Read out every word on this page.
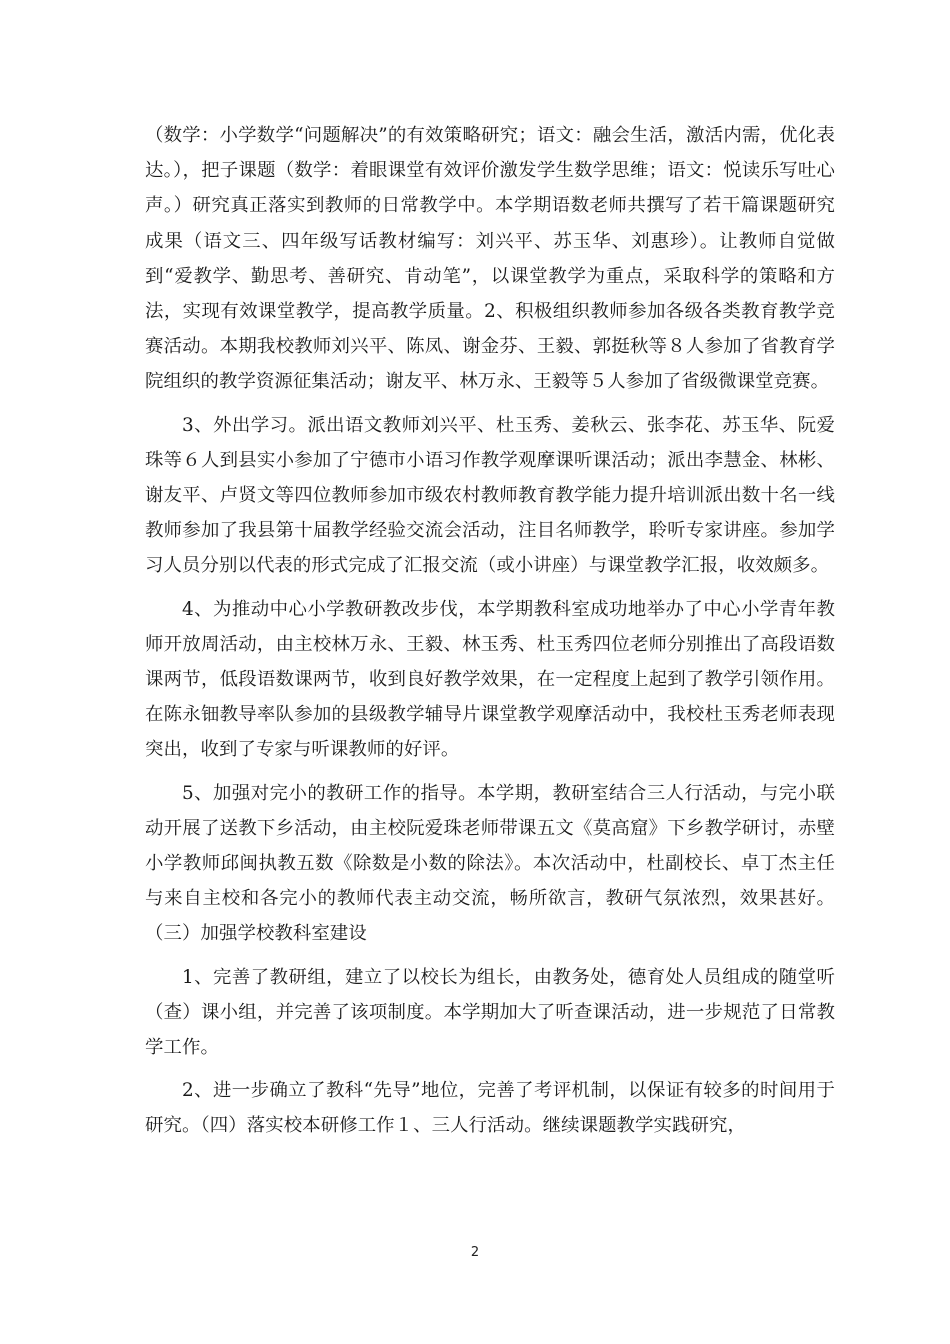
（数学：小学数学“问题解决”的有效策略研究；语文：融会生活，激活内需，优化表达。），把子课题（数学：着眼课堂有效评价激发学生数学思维；语文：悦读乐写吐心声。）研究真正落实到教师的日常教学中。本学期语数老师共撰写了若干篇课题研究成果（语文三、四年级写话教材编写：刘兴平、苏玉华、刘惠珍）。让教师自觉做到“爱教学、勤思考、善研究、肯动笔”，以课堂教学为重点，采取科学的策略和方法，实现有效课堂教学，提高教学质量。2、积极组织教师参加各级各类教育教学竞赛活动。本期我校教师刘兴平、陈凤、谢金芬、王毅、郭挺秋等８人参加了省教育学院组织的教学资源征集活动；谢友平、林万永、王毅等５人参加了省级微课堂竞赛。

3、外出学习。派出语文教师刘兴平、杜玉秀、姜秋云、张李花、苏玉华、阮爱珠等６人到县实小参加了宁德市小语习作教学观摩课听课活动；派出李慧金、林彬、谢友平、卢贤文等四位教师参加市级农村教师教育教学能力提升培训派出数十名一线教师参加了我县第十届教学经验交流会活动，注目名师教学，聆听专家讲座。参加学习人员分别以代表的形式完成了汇报交流（或小讲座）与课堂教学汇报，收效颇多。

4、为推动中心小学教研教改步伐，本学期教科室成功地举办了中心小学青年教师开放周活动，由主校林万永、王毅、林玉秀、杜玉秀四位老师分别推出了高段语数课两节，低段语数课两节，收到良好教学效果，在一定程度上起到了教学引领作用。在陈永钿教导率队参加的县级教学辅导片课堂教学观摩活动中，我校杜玉秀老师表现突出，收到了专家与听课教师的好评。

5、加强对完小的教研工作的指导。本学期，教研室结合三人行活动，与完小联动开展了送教下乡活动，由主校阮爱珠老师带课五文《莫高窟》下乡教学研讨，赤壁小学教师邱闽执教五数《除数是小数的除法》。本次活动中，杜副校长、卓丁杰主任与来自主校和各完小的教师代表主动交流，畅所欲言，教研气氛浓烈，效果甚好。（三）加强学校教科室建设

1、完善了教研组，建立了以校长为组长，由教务处，德育处人员组成的随堂听（查）课小组，并完善了该项制度。本学期加大了听查课活动，进一步规范了日常教学工作。

2、进一步确立了教科“先导”地位，完善了考评机制，以保证有较多的时间用于研究。（四）落实校本研修工作１、三人行活动。继续课题教学实践研究，

2
